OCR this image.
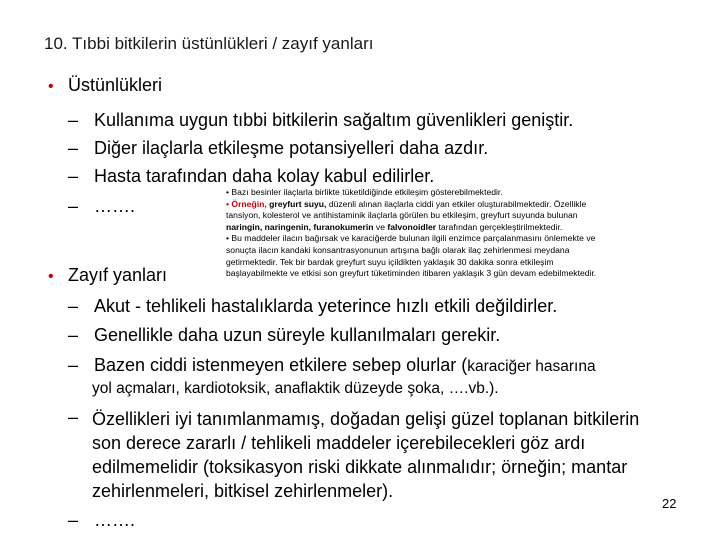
10. Tıbbi bitkilerin üstünlükleri / zayıf yanları
• Üstünlükleri
– Kullanıma uygun tıbbi bitkilerin sağaltım güvenlikleri geniştir.
– Diğer ilaçlarla etkileşme potansiyelleri daha azdır.
– Hasta tarafından daha kolay kabul edilirler.
– …….

• Bazı besinler ilaçlarla birlikte tüketildiğinde etkileşim gösterebilmektedir.

• Örneğin, greyfurt suyu, düzenli alınan ilaçlarla ciddi yan etkiler oluşturabilmektedir. Özellikle

tansiyon, kolesterol ve antihistaminik ilaçlarla görülen bu etkileşim, greyfurt suyunda bulunan

naringin, naringenin, furanokumerin ve falvonoidler tarafından gerçekleştirilmektedir.

• Bu maddeler ilacın bağırsak ve karaciğerde bulunan ilgili enzimce parçalanmasını önlemekte ve

sonuçta ilacın kandaki konsantrasyonunun artışına bağlı olarak ilaç zehirlenmesi meydana

getirmektedir. Tek bir bardak greyfurt suyu içildikten yaklaşık 30 dakika sonra etkileşim

başlayabilmekte ve etkisi son greyfurt tüketiminden itibaren yaklaşık 3 gün devam edebilmektedir.

• Zayıf yanları
– Akut - tehlikeli hastalıklarda yeterince hızlı etkili değildirler.
– Genellikle daha uzun süreyle kullanılmaları gerekir.
– Bazen ciddi istenmeyen etkilere sebep olurlar (karaciğer hasarına
yol açmaları, kardiotoksik, anaflaktik düzeyde şoka, ….vb.).
– Özellikleri iyi tanımlanmamış, doğadan gelişi güzel toplanan bitkilerin son derece zararlı / tehlikeli maddeler içerebilecekleri göz ardı edilmemelidir (toksikasyon riski dikkate alınmalıdır; örneğin; mantar zehirlenmeleri, bitkisel zehirlenmeler).
– …….
22
